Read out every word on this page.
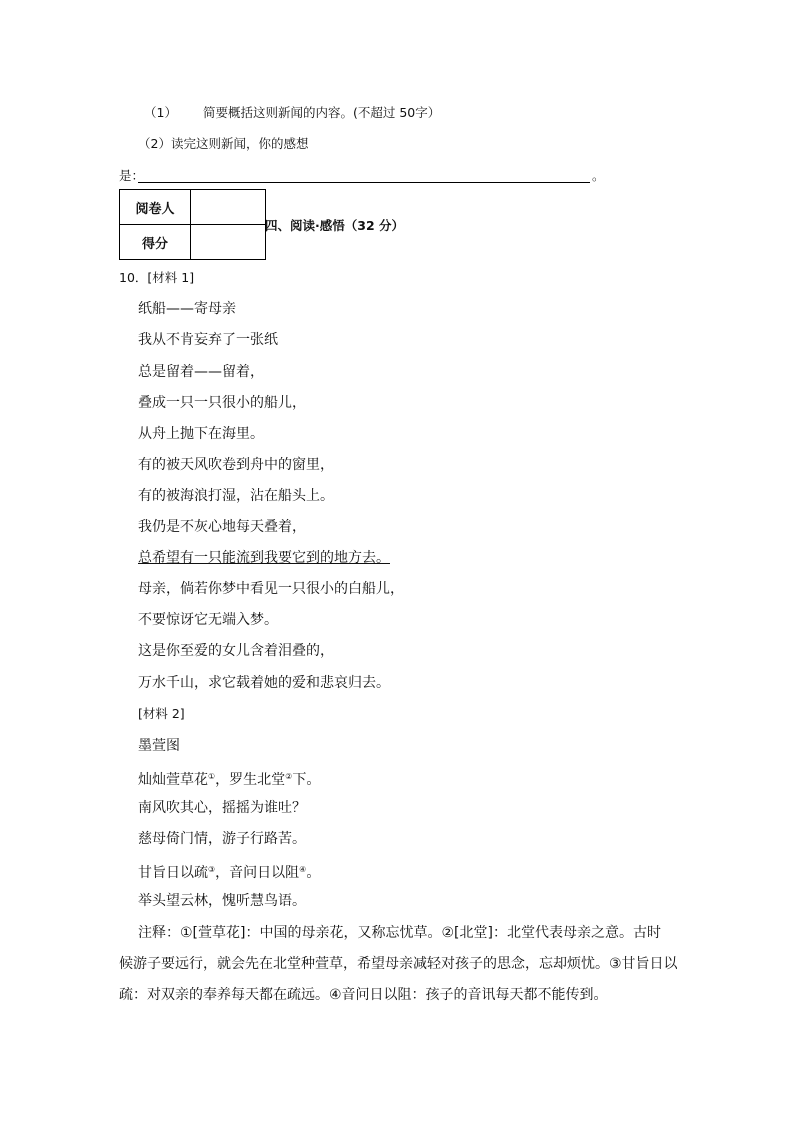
（1） 简要概括这则新闻的内容。(不超过 50字）
（2）读完这则新闻，你的感想
是：	。
阅卷人	
得分	
四、阅读·感悟（32 分）
10．[材料 1]
纸船——寄母亲
我从不肯妄弃了一张纸
总是留着——留着，
叠成一只一只很小的船儿，
从舟上抛下在海里。
有的被天风吹卷到舟中的窗里，
有的被海浪打湿，沾在船头上。
我仍是不灰心地每天叠着，
总希望有一只能流到我要它到的地方去。
母亲，倘若你梦中看见一只很小的白船儿，
不要惊讶它无端入梦。
这是你至爱的女儿含着泪叠的，
万水千山，求它载着她的爱和悲哀归去。
[材料 2]
墨萱图
灿灿萱草花①，罗生北堂②下。
南风吹其心，摇摇为谁吐？
慈母倚门情，游子行路苦。
甘旨日以疏③，音问日以阻④。
举头望云林，愧听慧鸟语。
注释：①[萱草花]：中国的母亲花，又称忘忧草。②[北堂]：北堂代表母亲之意。古时
候游子要远行，就会先在北堂种萱草，希望母亲减轻对孩子的思念，忘却烦忧。③甘旨日以
疏：对双亲的奉养每天都在疏远。④音问日以阻：孩子的音讯每天都不能传到。
